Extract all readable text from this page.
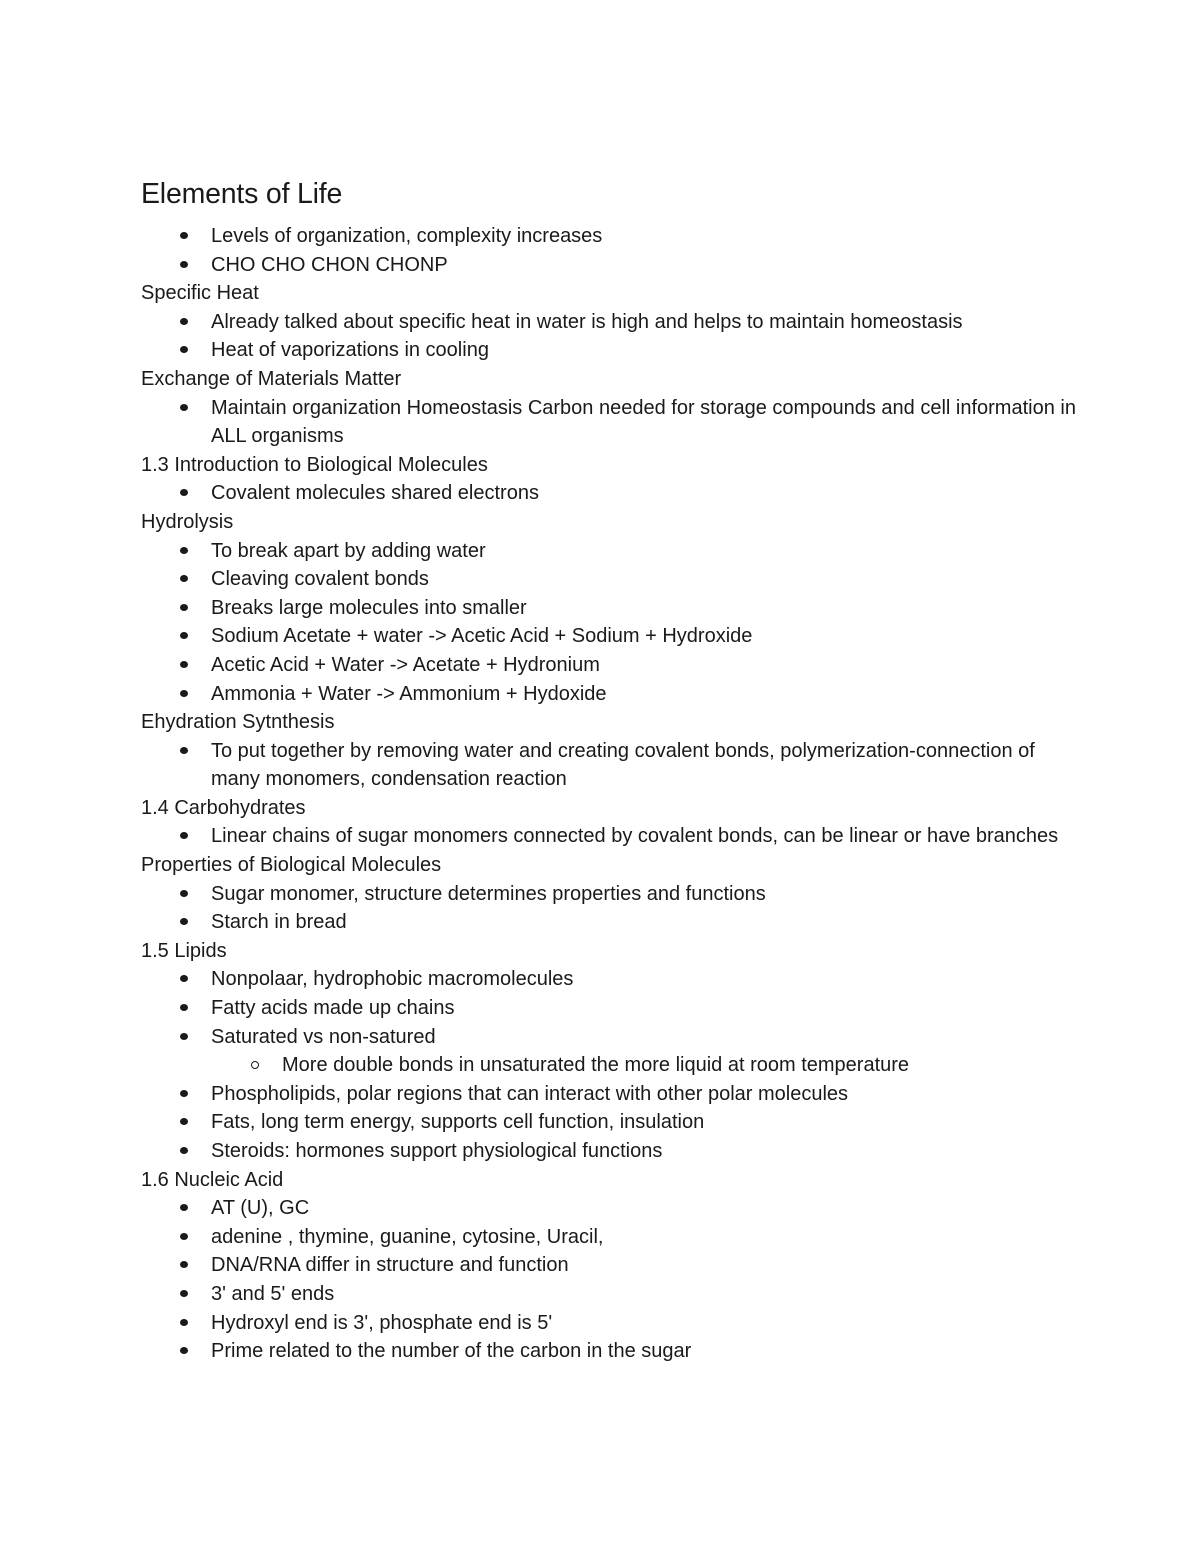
Elements of Life
Levels of organization, complexity increases
CHO CHO CHON CHONP
Specific Heat
Already talked about specific heat in water is high and helps to maintain homeostasis
Heat of vaporizations in cooling
Exchange of Materials Matter
Maintain organization Homeostasis Carbon needed for storage compounds and cell information in ALL organisms
1.3 Introduction to Biological Molecules
Covalent molecules shared electrons
Hydrolysis
To break apart by adding water
Cleaving covalent bonds
Breaks large molecules into smaller
Sodium Acetate + water -> Acetic Acid + Sodium + Hydroxide
Acetic Acid + Water -> Acetate + Hydronium
Ammonia + Water -> Ammonium + Hydoxide
Ehydration Sytnthesis
To put together by removing water and creating covalent bonds, polymerization-connection of many monomers, condensation reaction
1.4 Carbohydrates
Linear chains of sugar monomers connected by covalent bonds, can be linear or have branches
Properties of Biological Molecules
Sugar monomer, structure determines properties and functions
Starch in bread
1.5 Lipids
Nonpolaar, hydrophobic macromolecules
Fatty acids made up chains
Saturated vs non-satured
More double bonds in unsaturated the more liquid at room temperature
Phospholipids, polar regions that can interact with other polar molecules
Fats, long term energy, supports cell function, insulation
Steroids: hormones support physiological functions
1.6 Nucleic Acid
AT (U), GC
adenine , thymine, guanine, cytosine, Uracil,
DNA/RNA differ in structure and function
3' and 5' ends
Hydroxyl end is 3', phosphate end is 5'
Prime related to the number of the carbon in the sugar
